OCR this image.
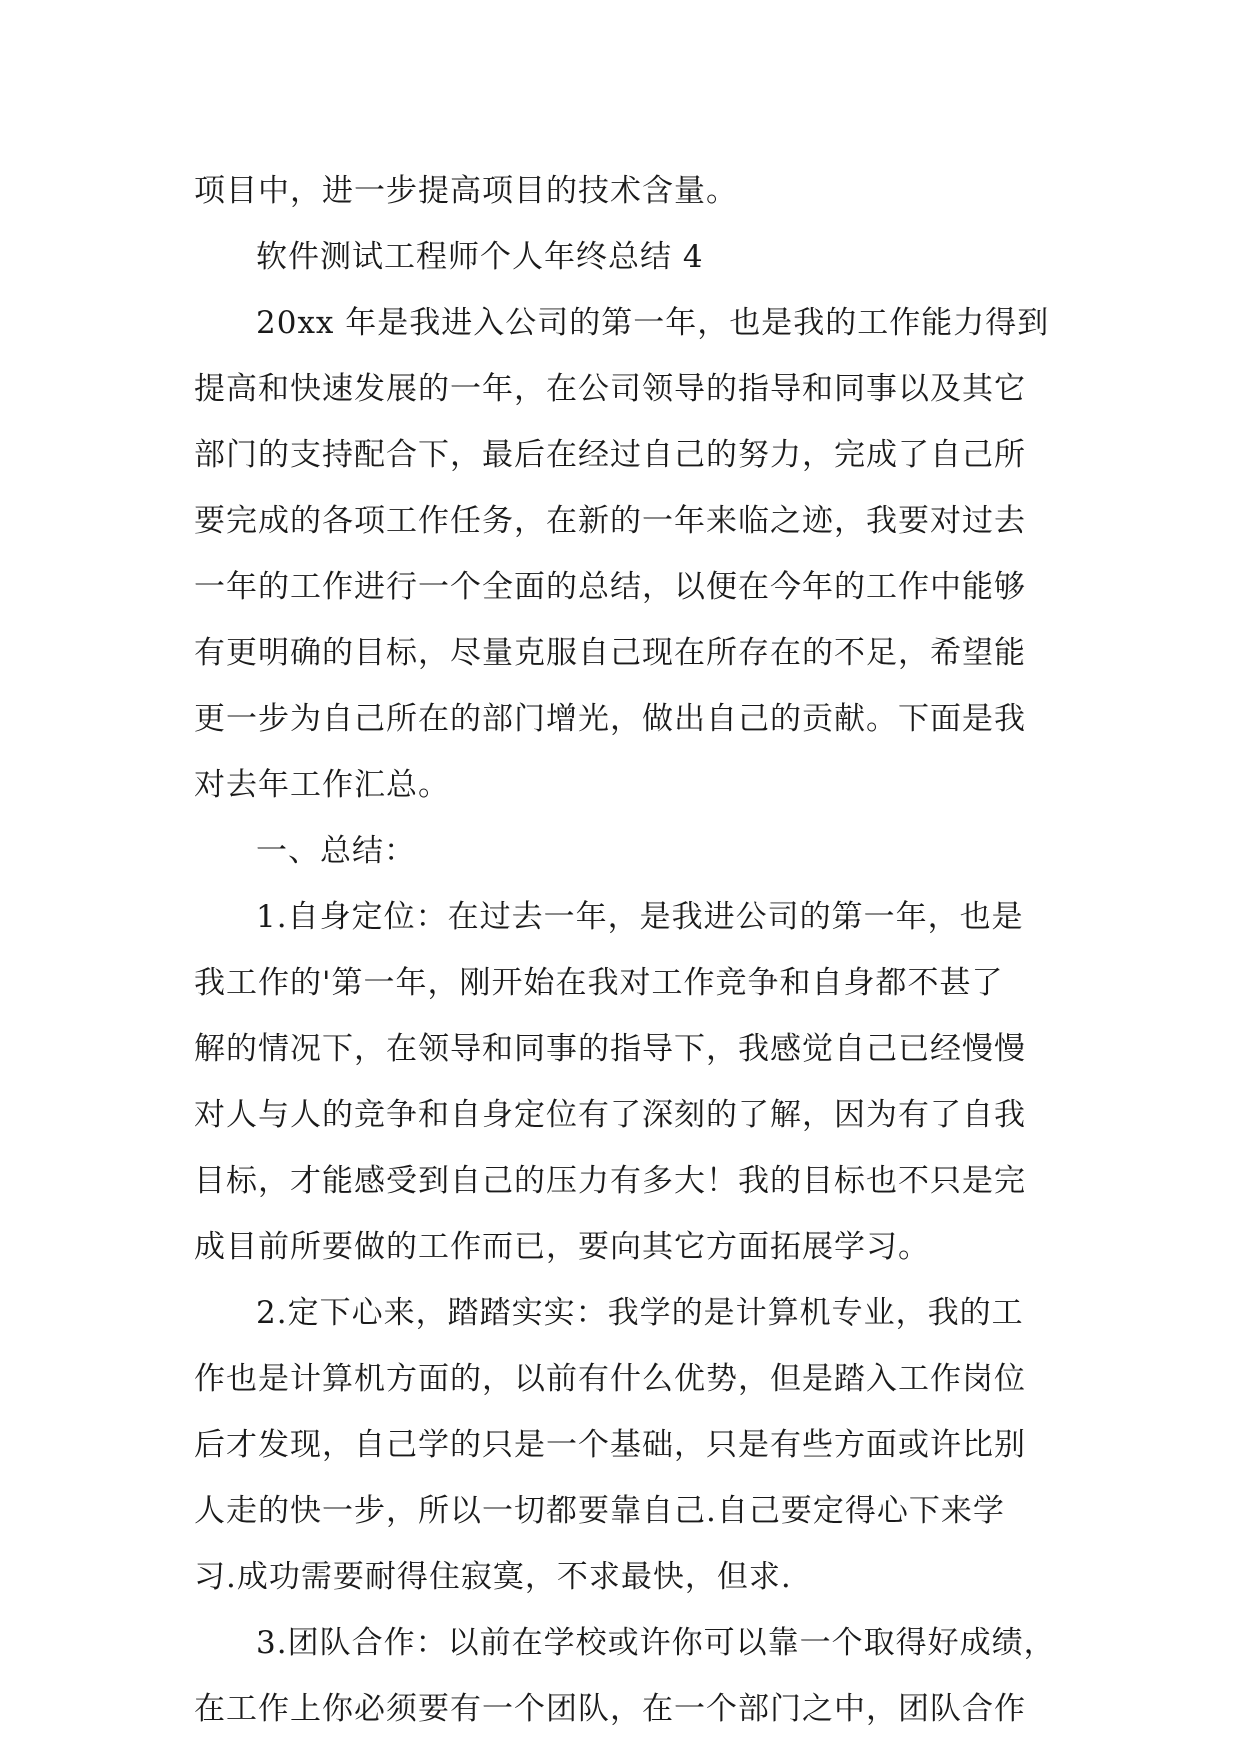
项目中，进一步提高项目的技术含量。
软件测试工程师个人年终总结 4
20xx 年是我进入公司的第一年，也是我的工作能力得到
提高和快速发展的一年，在公司领导的指导和同事以及其它
部门的支持配合下，最后在经过自己的努力，完成了自己所
要完成的各项工作任务，在新的一年来临之迹，我要对过去
一年的工作进行一个全面的总结，以便在今年的工作中能够
有更明确的目标，尽量克服自己现在所存在的不足，希望能
更一步为自己所在的部门增光，做出自己的贡献。下面是我
对去年工作汇总。
一、总结：
1.自身定位：在过去一年，是我进公司的第一年，也是
我工作的'第一年，刚开始在我对工作竞争和自身都不甚了
解的情况下，在领导和同事的指导下，我感觉自己已经慢慢
对人与人的竞争和自身定位有了深刻的了解，因为有了自我
目标，才能感受到自己的压力有多大！我的目标也不只是完
成目前所要做的工作而已，要向其它方面拓展学习。
2.定下心来，踏踏实实：我学的是计算机专业，我的工
作也是计算机方面的，以前有什么优势，但是踏入工作岗位
后才发现，自己学的只是一个基础，只是有些方面或许比别
人走的快一步，所以一切都要靠自己.自己要定得心下来学
习.成功需要耐得住寂寞，不求最快，但求.
3.团队合作：以前在学校或许你可以靠一个取得好成绩，
在工作上你必须要有一个团队，在一个部门之中，团队合作
